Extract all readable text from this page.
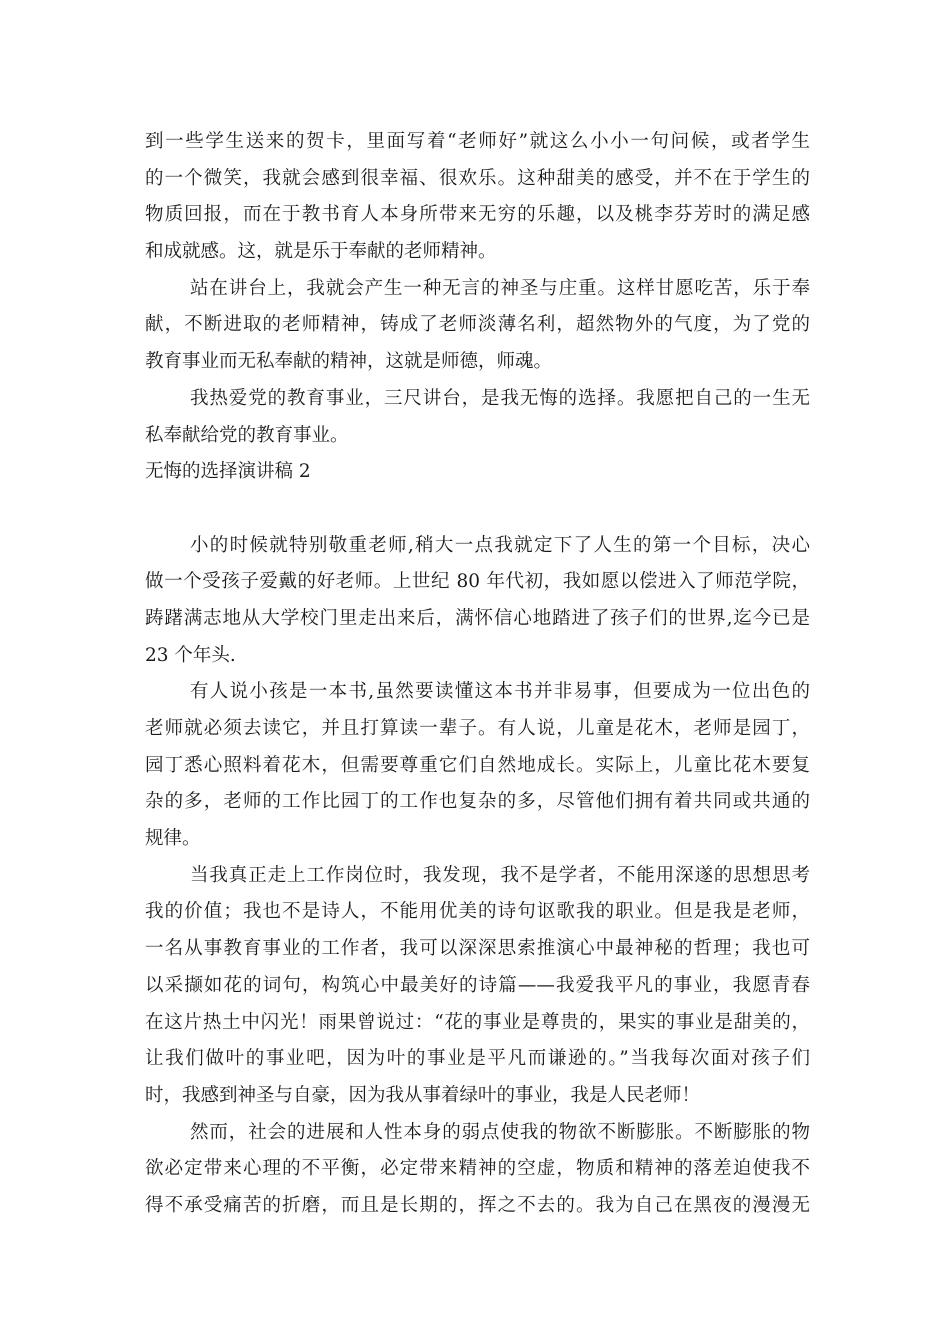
到一些学生送来的贺卡，里面写着“老师好”就这么小小一句问候，或者学生
的一个微笑，我就会感到很幸福、很欢乐。这种甜美的感受，并不在于学生的
物质回报，而在于教书育人本身所带来无穷的乐趣，以及桃李芬芳时的满足感
和成就感。这，就是乐于奉献的老师精神。
站在讲台上，我就会产生一种无言的神圣与庄重。这样甘愿吃苦，乐于奉
献，不断进取的老师精神，铸成了老师淡薄名利，超然物外的气度，为了党的
教育事业而无私奉献的精神，这就是师德，师魂。
我热爱党的教育事业，三尺讲台，是我无悔的选择。我愿把自己的一生无
私奉献给党的教育事业。
无悔的选择演讲稿 2
小的时候就特别敬重老师,稍大一点我就定下了人生的第一个目标，决心
做一个受孩子爱戴的好老师。上世纪 80 年代初，我如愿以偿进入了师范学院，
踌躇满志地从大学校门里走出来后，满怀信心地踏进了孩子们的世界,迄今已是
23 个年头.
有人说小孩是一本书,虽然要读懂这本书并非易事，但要成为一位出色的
老师就必须去读它，并且打算读一辈子。有人说，儿童是花木，老师是园丁，
园丁悉心照料着花木，但需要尊重它们自然地成长。实际上，儿童比花木要复
杂的多，老师的工作比园丁的工作也复杂的多，尽管他们拥有着共同或共通的
规律。
当我真正走上工作岗位时，我发现，我不是学者，不能用深遂的思想思考
我的价值；我也不是诗人，不能用优美的诗句讴歌我的职业。但是我是老师，
一名从事教育事业的工作者，我可以深深思索推演心中最神秘的哲理；我也可
以采撷如花的词句，构筑心中最美好的诗篇——我爱我平凡的事业，我愿青春
在这片热土中闪光！雨果曾说过：“花的事业是尊贵的，果实的事业是甜美的，
让我们做叶的事业吧，因为叶的事业是平凡而谦逊的。”当我每次面对孩子们
时，我感到神圣与自豪，因为我从事着绿叶的事业，我是人民老师！
然而，社会的进展和人性本身的弱点使我的物欲不断膨胀。不断膨胀的物
欲必定带来心理的不平衡，必定带来精神的空虚，物质和精神的落差迫使我不
得不承受痛苦的折磨，而且是长期的，挥之不去的。我为自己在黑夜的漫漫无
